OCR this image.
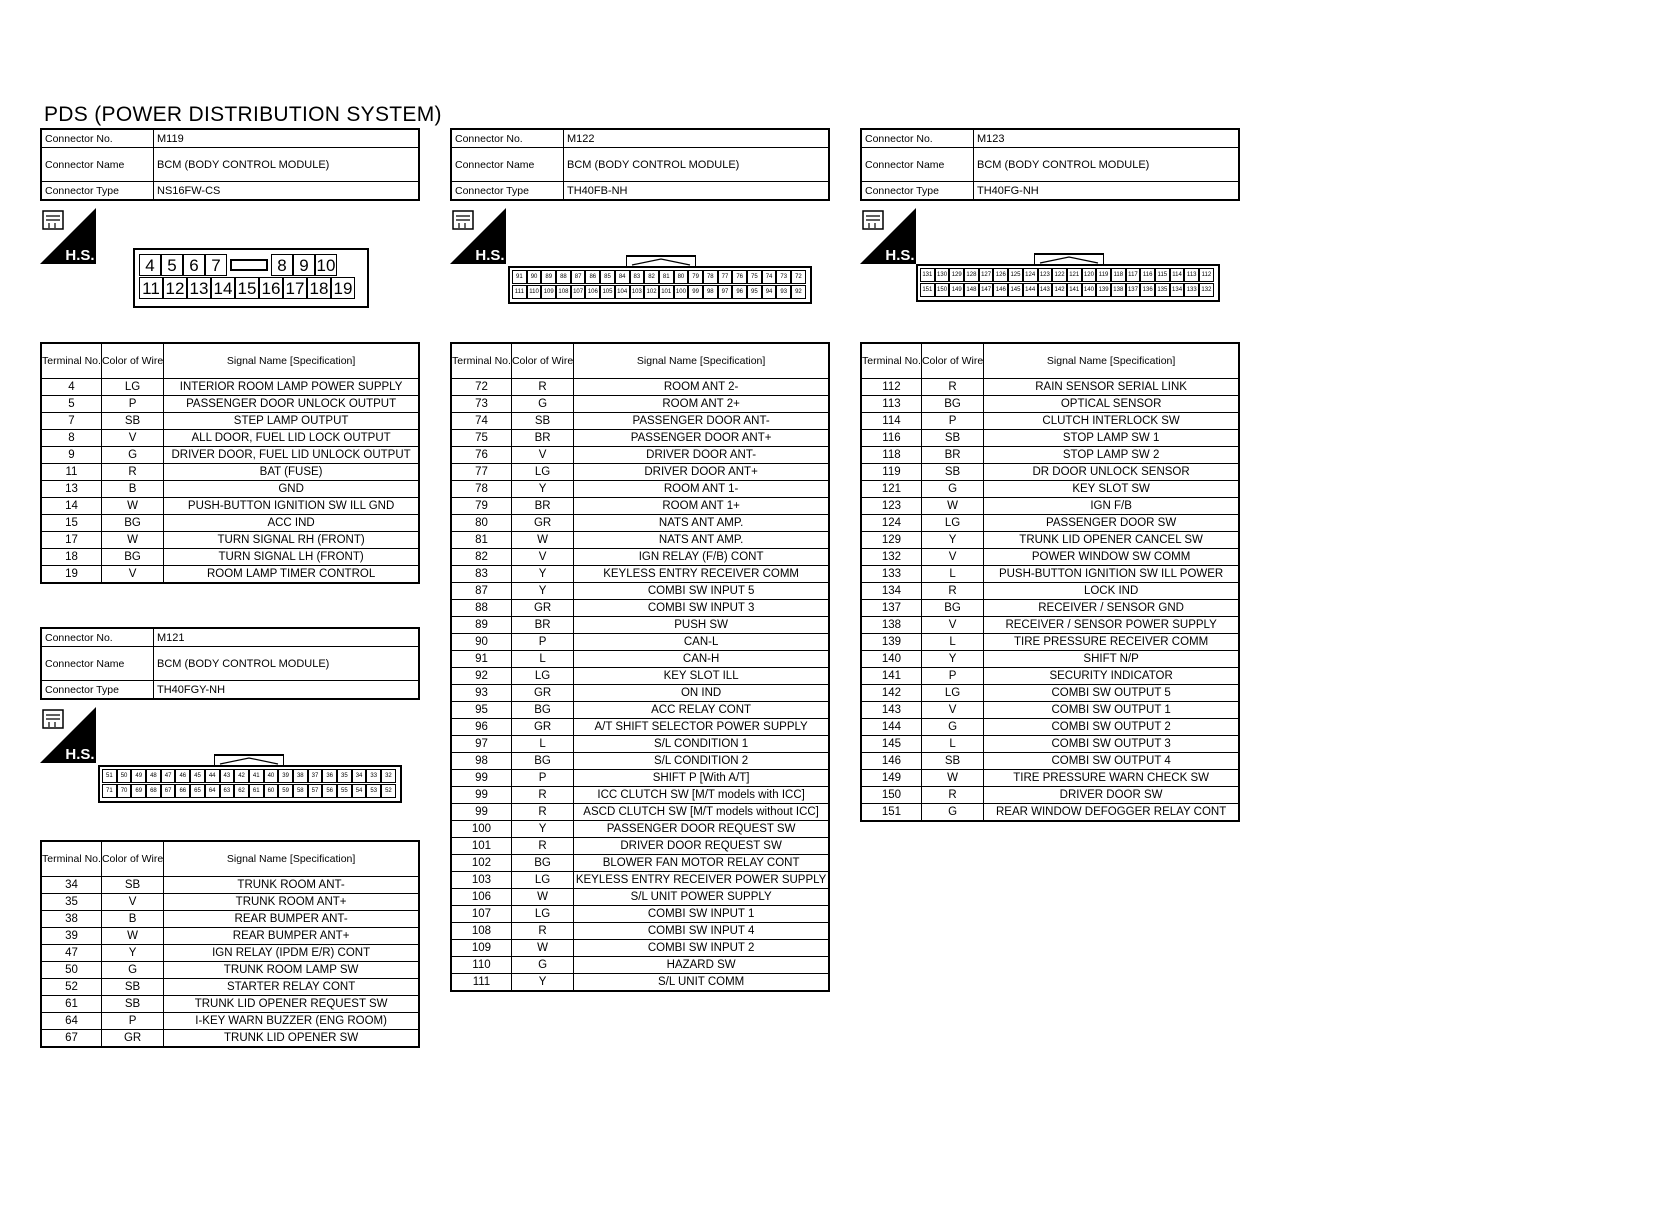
PDS (POWER DISTRIBUTION SYSTEM)
Connector No.	M119
Connector Name	BCM (BODY CONTROL MODULE)
Connector Type	NS16FW-CS
H.S.	4 5 6 7	8 9 10
11 12 13 14 15 16 17 18 19
Terminal No.	Color of Wire	Signal Name [Specification]
4	LG	INTERIOR ROOM LAMP POWER SUPPLY
5	P	PASSENGER DOOR UNLOCK OUTPUT
7	SB	STEP LAMP OUTPUT
8	V	ALL DOOR, FUEL LID LOCK OUTPUT
9	G	DRIVER DOOR, FUEL LID UNLOCK OUTPUT
11	R	BAT (FUSE)
13	B	GND
14	W	PUSH-BUTTON IGNITION SW ILL GND
15	BG	ACC IND
17	W	TURN SIGNAL RH (FRONT)
18	BG	TURN SIGNAL LH (FRONT)
19	V	ROOM LAMP TIMER CONTROL
Connector No.	M121
Connector Name	BCM (BODY CONTROL MODULE)
Connector Type	TH40FGY-NH
H.S.
51	50	49	48	47	46	45	44	43	42	41	40	39	38	37	36	35	34	33	32
71	70	69	68	67	66	65	64	63	62	61	60	59	58	57	56	55	54	53	52
Terminal No.	Color of Wire	Signal Name [Specification]
34	SB	TRUNK ROOM ANT-
35	V	TRUNK ROOM ANT+
38	B	REAR BUMPER ANT-
39	W	REAR BUMPER ANT+
47	Y	IGN RELAY (IPDM E/R) CONT
50	G	TRUNK ROOM LAMP SW
52	SB	STARTER RELAY CONT
61	SB	TRUNK LID OPENER REQUEST SW
64	P	I-KEY WARN BUZZER (ENG ROOM)
67	GR	TRUNK LID OPENER SW
Connector No.	M122
Connector Name	BCM (BODY CONTROL MODULE)
Connector Type	TH40FB-NH
H.S.
91	90	89	88	87	86	85	84	83	82	81	80	79	78	77	76	75	74	73	72
111 110 109 108 107 106 105 104 103 102 101 100	99	98	97	96	95	94	93	92
Terminal No.	Color of Wire	Signal Name [Specification]
72	R	ROOM ANT 2-
73	G	ROOM ANT 2+
74	SB	PASSENGER DOOR ANT-
75	BR	PASSENGER DOOR ANT+
76	V	DRIVER DOOR ANT-
77	LG	DRIVER DOOR ANT+
78	Y	ROOM ANT 1-
79	BR	ROOM ANT 1+
80	GR	NATS ANT AMP.
81	W	NATS ANT AMP.
82	V	IGN RELAY (F/B) CONT
83	Y	KEYLESS ENTRY RECEIVER COMM
87	Y	COMBI SW INPUT 5
88	GR	COMBI SW INPUT 3
89	BR	PUSH SW
90	P	CAN-L
91	L	CAN-H
92	LG	KEY SLOT ILL
93	GR	ON IND
95	BG	ACC RELAY CONT
96	GR	A/T SHIFT SELECTOR POWER SUPPLY
97	L	S/L CONDITION 1
98	BG	S/L CONDITION 2
99	P	SHIFT P [With A/T]
99	R	ICC CLUTCH SW [M/T models with ICC]
99	R	ASCD CLUTCH SW [M/T models without ICC]
100	Y	PASSENGER DOOR REQUEST SW
101	R	DRIVER DOOR REQUEST SW
102	BG	BLOWER FAN MOTOR RELAY CONT
103	LG	KEYLESS ENTRY RECEIVER POWER SUPPLY
106	W	S/L UNIT POWER SUPPLY
107	LG	COMBI SW INPUT 1
108	R	COMBI SW INPUT 4
109	W	COMBI SW INPUT 2
110	G	HAZARD SW
111	Y	S/L UNIT COMM
Connector No.	M123
Connector Name	BCM (BODY CONTROL MODULE)
Connector Type	TH40FG-NH
H.S.
131 130 129 128 127 126 125 124 123 122 121 120 119 118 117 116 115 114 113 112
151 150 149 148 147 146 145 144 143 142 141 140 139 138 137 136 135 134 133 132
Terminal No.	Color of Wire	Signal Name [Specification]
112	R	RAIN SENSOR SERIAL LINK
113	BG	OPTICAL SENSOR
114	P	CLUTCH INTERLOCK SW
116	SB	STOP LAMP SW 1
118	BR	STOP LAMP SW 2
119	SB	DR DOOR UNLOCK SENSOR
121	G	KEY SLOT SW
123	W	IGN F/B
124	LG	PASSENGER DOOR SW
129	Y	TRUNK LID OPENER CANCEL SW
132	V	POWER WINDOW SW COMM
133	L	PUSH-BUTTON IGNITION SW ILL POWER
134	R	LOCK IND
137	BG	RECEIVER / SENSOR GND
138	V	RECEIVER / SENSOR POWER SUPPLY
139	L	TIRE PRESSURE RECEIVER COMM
140	Y	SHIFT N/P
141	P	SECURITY INDICATOR
142	LG	COMBI SW OUTPUT 5
143	V	COMBI SW OUTPUT 1
144	G	COMBI SW OUTPUT 2
145	L	COMBI SW OUTPUT 3
146	SB	COMBI SW OUTPUT 4
149	W	TIRE PRESSURE WARN CHECK SW
150	R	DRIVER DOOR SW
151	G	REAR WINDOW DEFOGGER RELAY CONT
